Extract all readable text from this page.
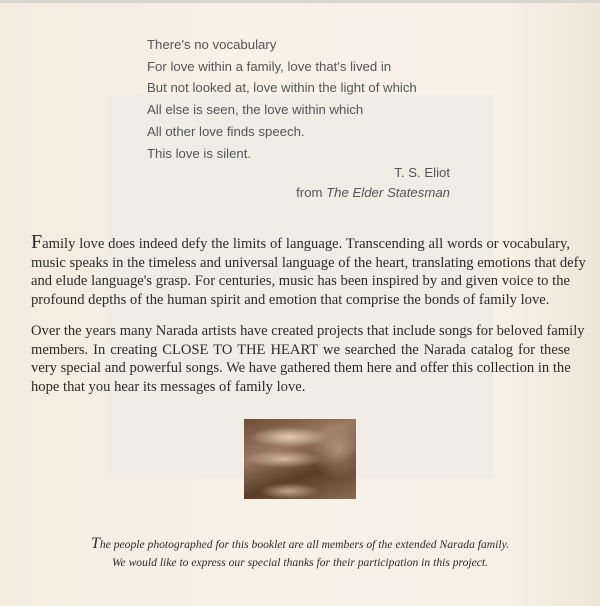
There's no vocabulary
For love within a family, love that's lived in
But not looked at, love within the light of which
All else is seen, the love within which
All other love finds speech.
This love is silent.
T. S. Eliot
from The Elder Statesman
Family love does indeed defy the limits of language. Transcending all words or vocabulary,
music speaks in the timeless and universal language of the heart, translating emotions that defy
and elude language's grasp. For centuries, music has been inspired by and given voice to the
profound depths of the human spirit and emotion that comprise the bonds of family love.
Over the years many Narada artists have created projects that include songs for beloved family
members. In creating CLOSE TO THE HEART we searched the Narada catalog for these
very special and powerful songs. We have gathered them here and offer this collection in the
hope that you hear its messages of family love.
The people photographed for this booklet are all members of the extended Narada family.
We would like to express our special thanks for their participation in this project.
